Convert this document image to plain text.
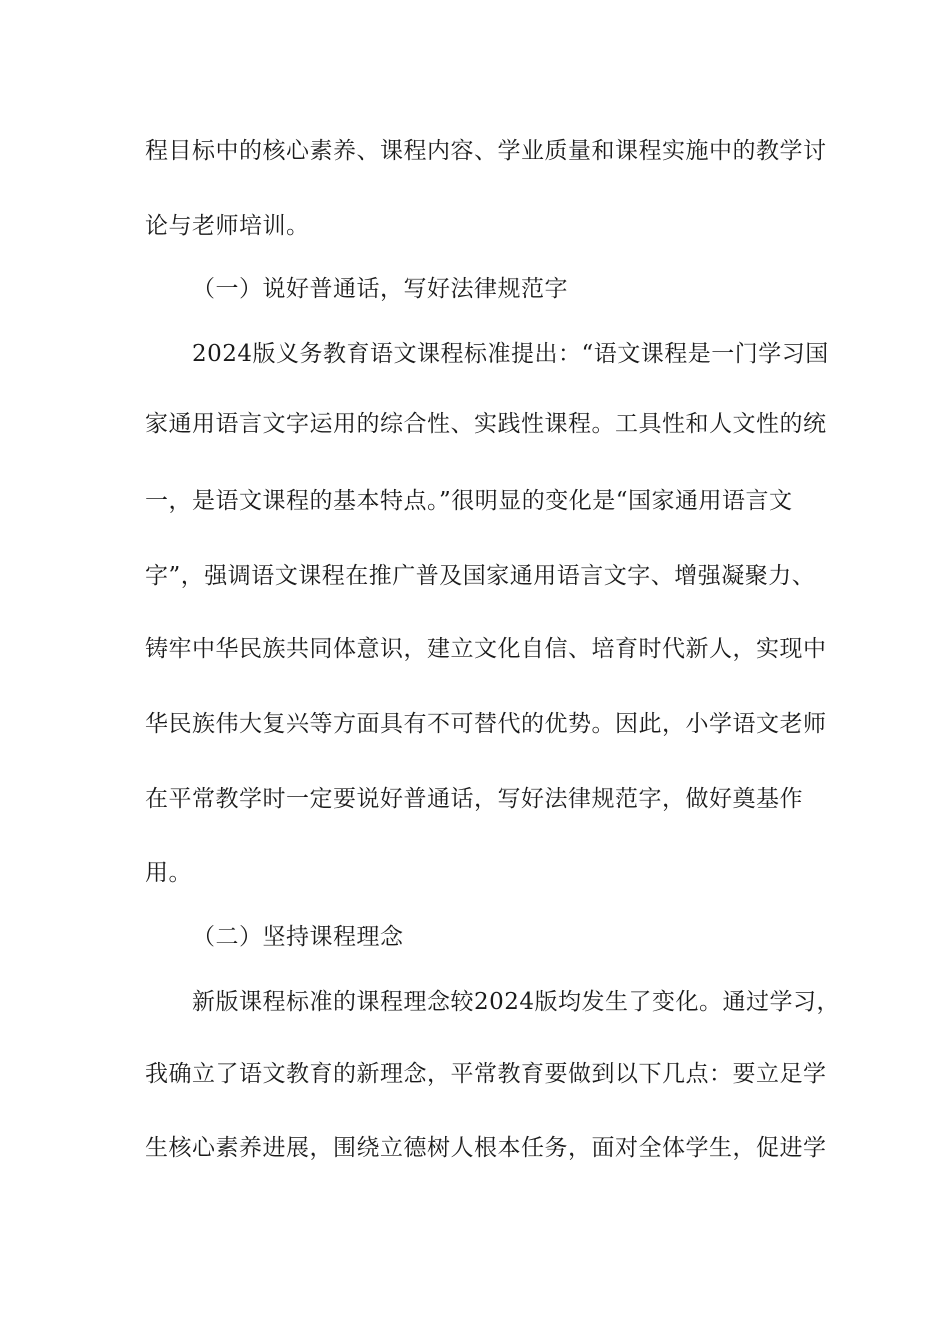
程目标中的核心素养、课程内容、学业质量和课程实施中的教学讨
论与老师培训。
（一）说好普通话，写好法律规范字
2024版义务教育语文课程标准提出：“语文课程是一门学习国
家通用语言文字运用的综合性、实践性课程。工具性和人文性的统
一，是语文课程的基本特点。”很明显的变化是“国家通用语言文
字”，强调语文课程在推广普及国家通用语言文字、增强凝聚力、
铸牢中华民族共同体意识，建立文化自信、培育时代新人，实现中
华民族伟大复兴等方面具有不可替代的优势。因此，小学语文老师
在平常教学时一定要说好普通话，写好法律规范字，做好奠基作
用。
（二）坚持课程理念
新版课程标准的课程理念较2024版均发生了变化。通过学习，
我确立了语文教育的新理念，平常教育要做到以下几点：要立足学
生核心素养进展，围绕立德树人根本任务，面对全体学生，促进学
